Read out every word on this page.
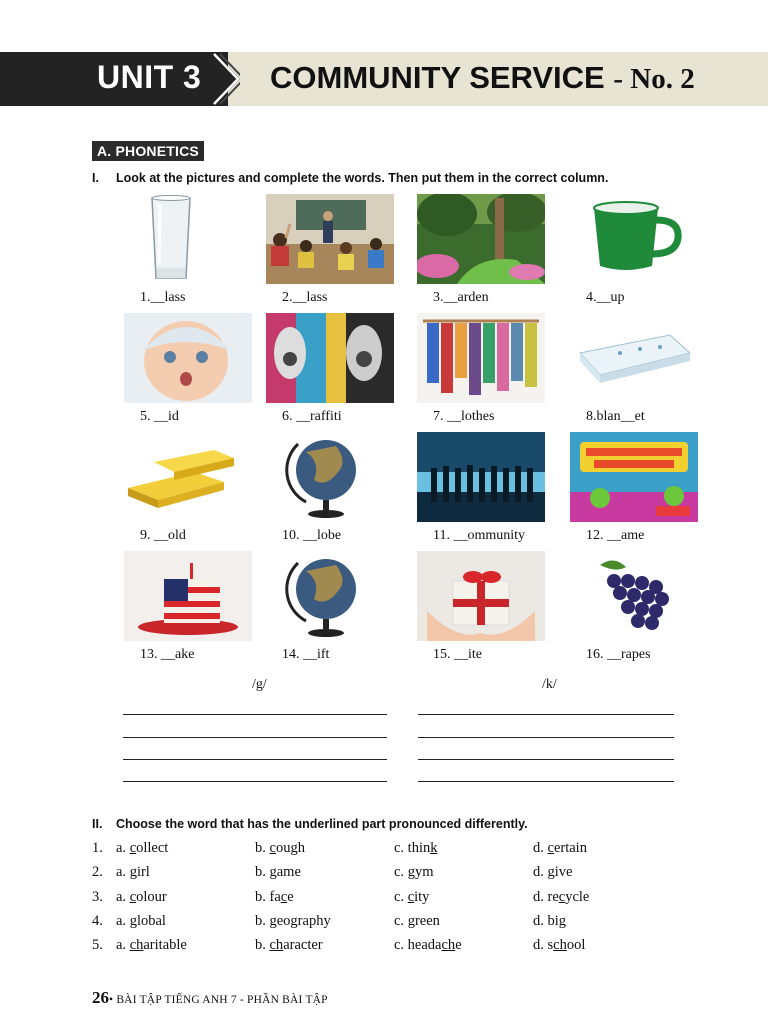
UNIT 3 COMMUNITY SERVICE - No. 2
A. PHONETICS
I. Look at the pictures and complete the words. Then put them in the correct column.
1.__lass	2.__lass	3.__arden	4.__up
5. __id	6. __raffiti	7. __lothes	8.blan__et
9. __old	10. __lobe	11. __ommunity	12. __ame
13. __ake	14. __ift	15. __ite	16. __rapes
/g/	/k/
II. Choose the word that has the underlined part pronounced differently.
1. a. collect	b. cough	c. think	d. certain
2. a. girl	b. game	c. gym	d. give
3. a. colour	b. face	c. city	d. recycle
4. a. global	b. geography	c. green	d. big
5. a. charitable	b. character	c. headache	d. school
26• BÀI TẬP TIẾNG ANH 7 - PHẦN BÀI TẬP
